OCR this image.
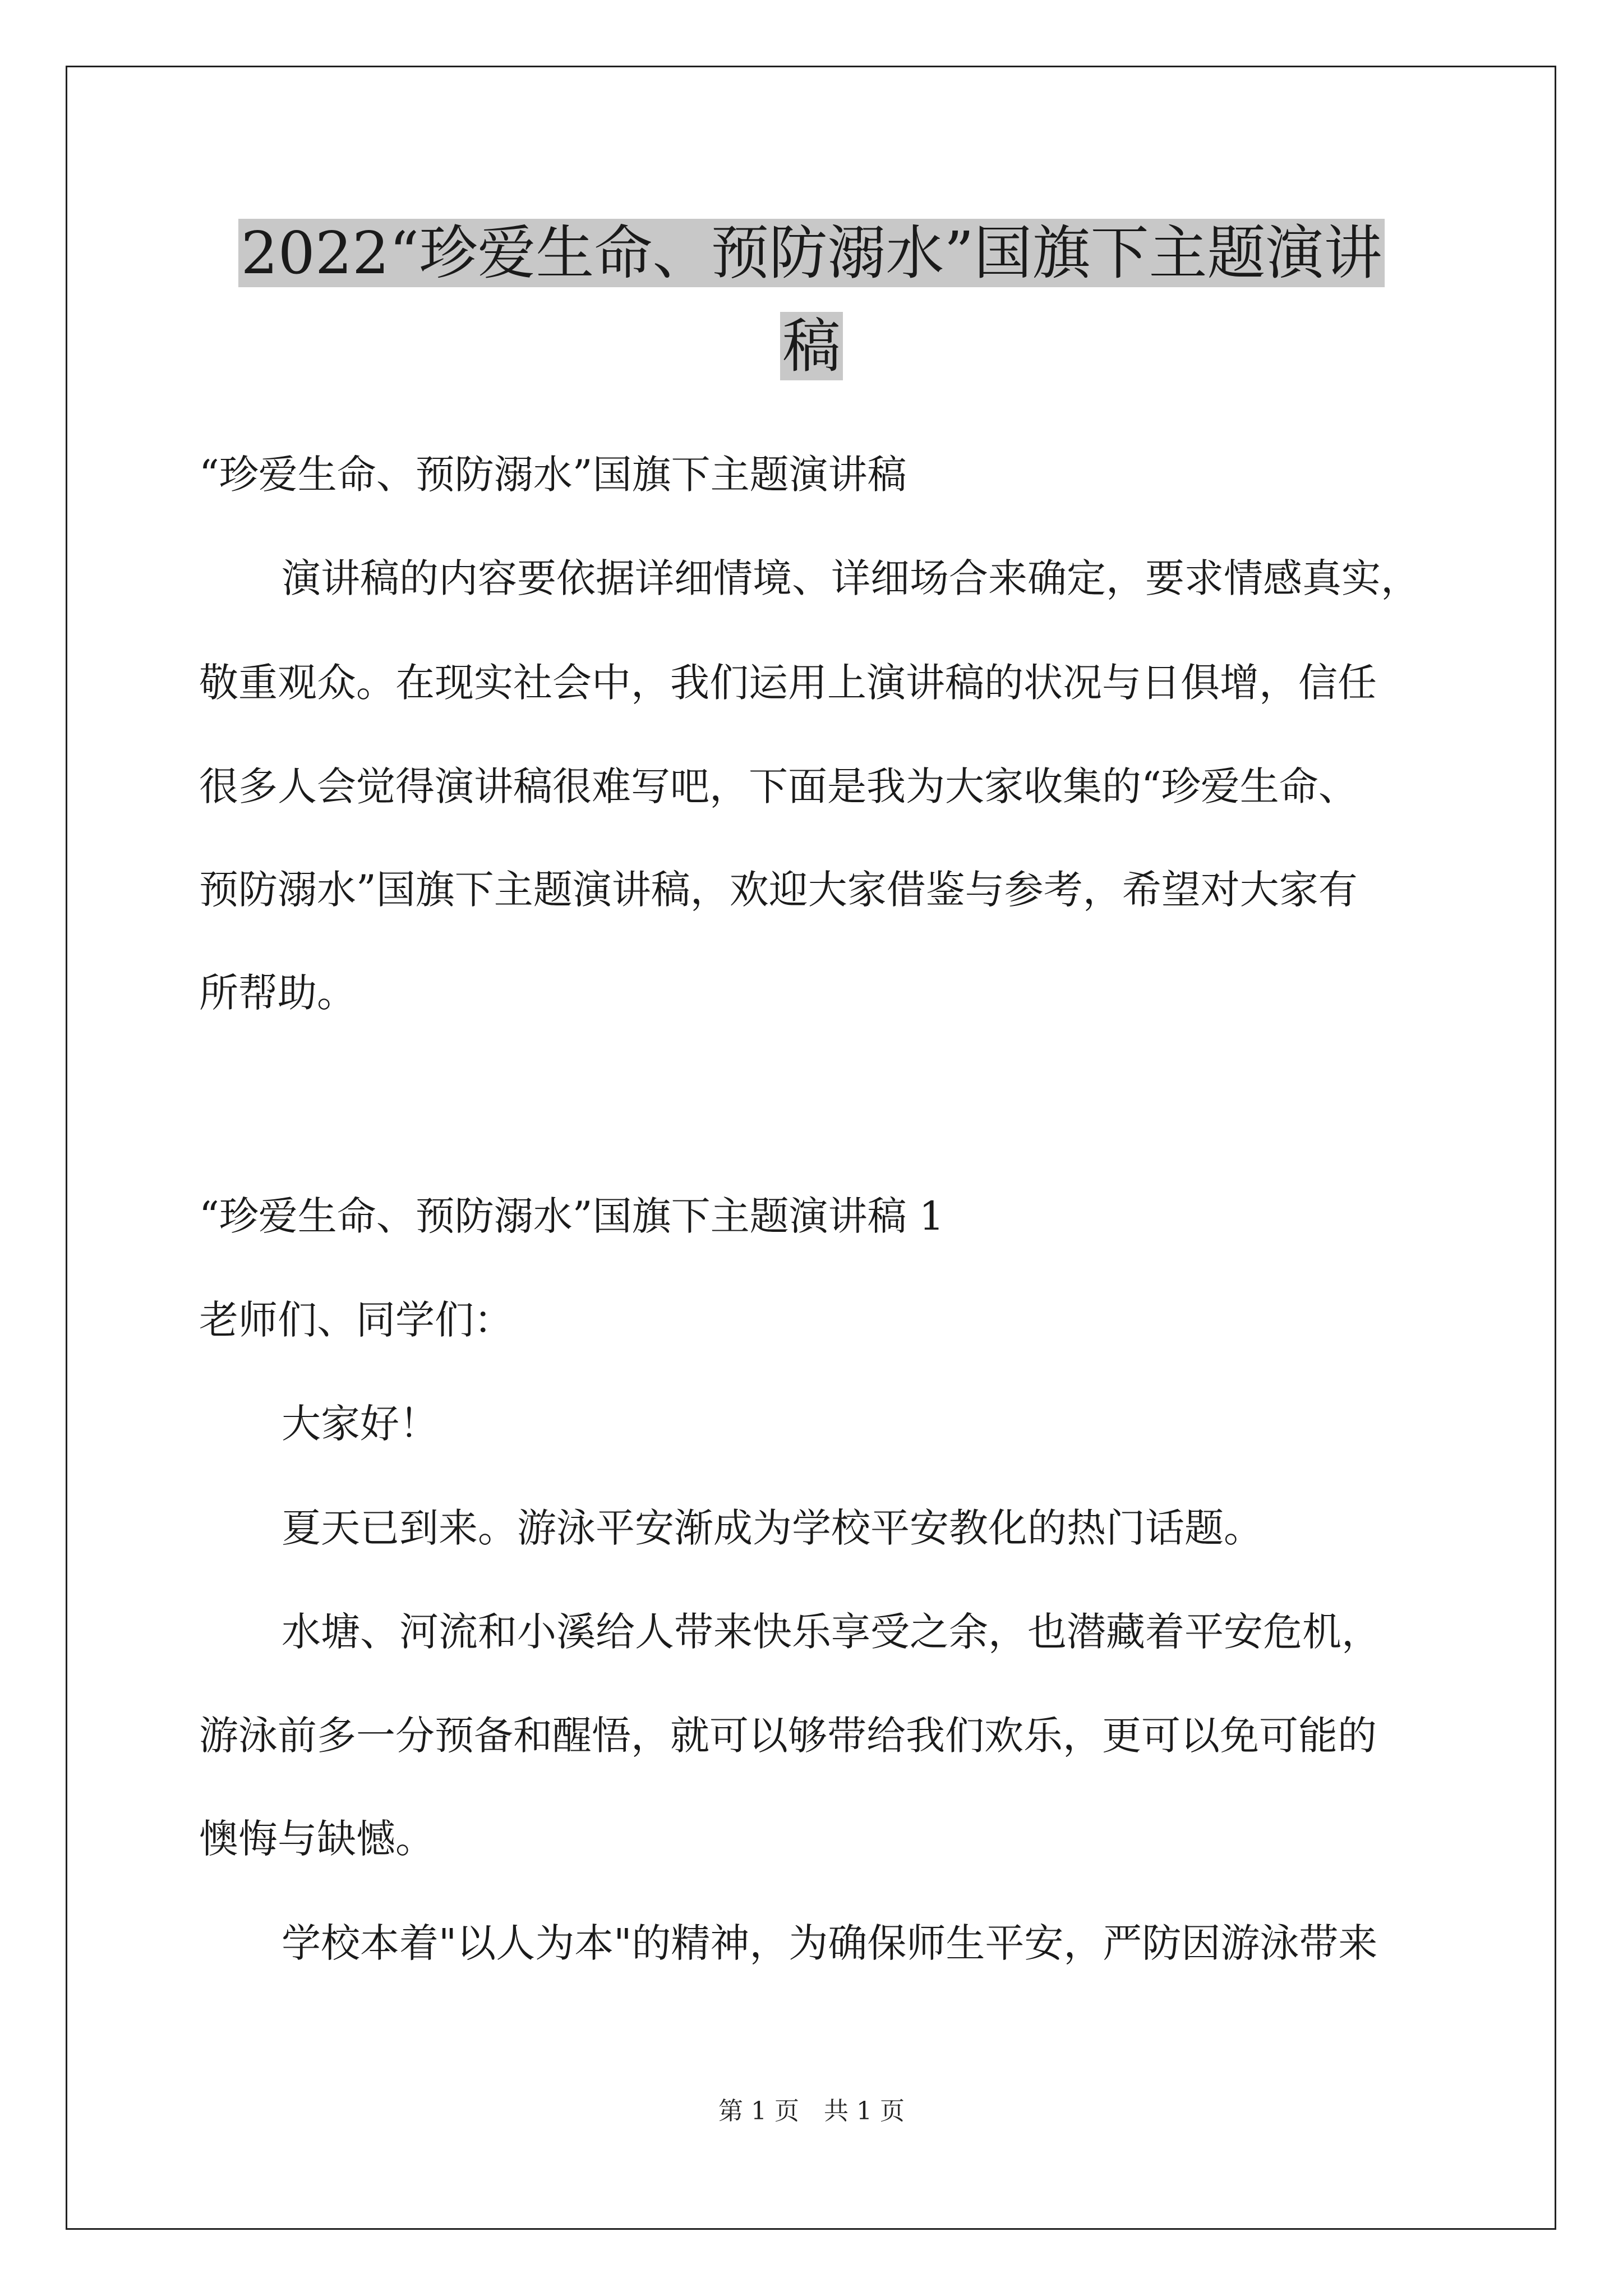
2022“珍爱生命、预防溺水”国旗下主题演讲
稿
“珍爱生命、预防溺水”国旗下主题演讲稿
演讲稿的内容要依据详细情境、详细场合来确定，要求情感真实，
敬重观众。在现实社会中，我们运用上演讲稿的状况与日俱增，信任
很多人会觉得演讲稿很难写吧，下面是我为大家收集的“珍爱生命、
预防溺水”国旗下主题演讲稿，欢迎大家借鉴与参考，希望对大家有
所帮助。
“珍爱生命、预防溺水”国旗下主题演讲稿 1
老师们、同学们：
大家好！
夏天已到来。游泳平安渐成为学校平安教化的热门话题。
水塘、河流和小溪给人带来快乐享受之余，也潜藏着平安危机，
游泳前多一分预备和醒悟，就可以够带给我们欢乐，更可以免可能的
懊悔与缺憾。
学校本着"以人为本"的精神，为确保师生平安，严防因游泳带来
第 1 页　共 1 页
